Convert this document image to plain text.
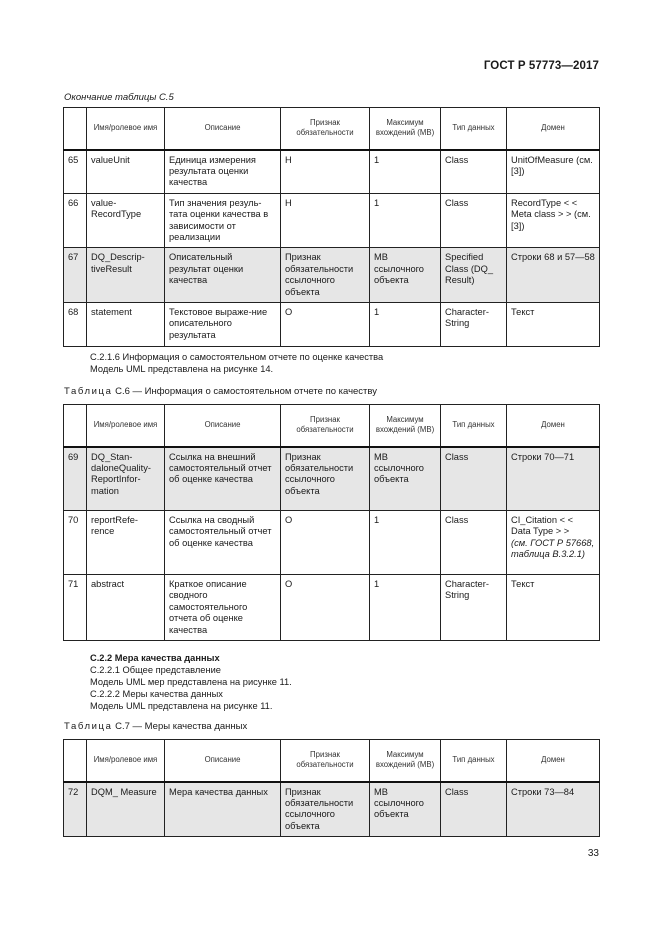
ГОСТ Р 57773—2017
Окончание таблицы С.5
	Имя/ролевое имя	Описание	Признак обязательности	Максимум вхождений (МВ)	Тип данных	Домен
65	valueUnit	Единица измерения результата оценки качества	Н	1	Class	UnitOfMeasure (см. [3])
66	value-RecordType	Тип значения резуль-тата оценки качества в зависимости от реализации	Н	1	Class	RecordType < < Meta class > > (см. [3])
67	DQ_Descrip-tiveResult	Описательный результат оценки качества	Признак обязательности ссылочного объекта	МВ ссылочного объекта	Specified Class (DQ_ Result)	Строки 68 и 57—58
68	statement	Текстовое выраже-ние описательного результата	O	1	Character-String	Текст
С.2.1.6 Информация о самостоятельном отчете по оценке качества
Модель UML представлена на рисунке 14.
Таблица С.6 — Информация о самостоятельном отчете по качеству
	Имя/ролевое имя	Описание	Признак обязательности	Максимум вхождений (МВ)	Тип данных	Домен
69	DQ_Stan-daloneQuality-ReportInfor-mation	Ссылка на внешний самостоятельный отчет об оценке качества	Признак обязательности ссылочного объекта	МВ ссылочного объекта	Class	Строки 70—71
70	reportRefe-rence	Ссылка на сводный самостоятельный отчет об оценке качества	O	1	Class	CI_Citation < < Data Type > >
(см. ГОСТ Р 57668, таблица В.3.2.1)
71	abstract	Краткое описание сводного самостоятельного отчета об оценке качества	O	1	Character-String	Текст
С.2.2 Мера качества данных
С.2.2.1 Общее представление
Модель UML мер представлена на рисунке 11.
С.2.2.2 Меры качества данных
Модель UML представлена на рисунке 11.
Таблица С.7 — Меры качества данных
	Имя/ролевое имя	Описание	Признак обязательности	Максимум вхождений (МВ)	Тип данных	Домен
72	DQM_ Measure	Мера качества данных	Признак обязательности ссылочного объекта	МВ ссылочного объекта	Class	Строки 73—84
33
